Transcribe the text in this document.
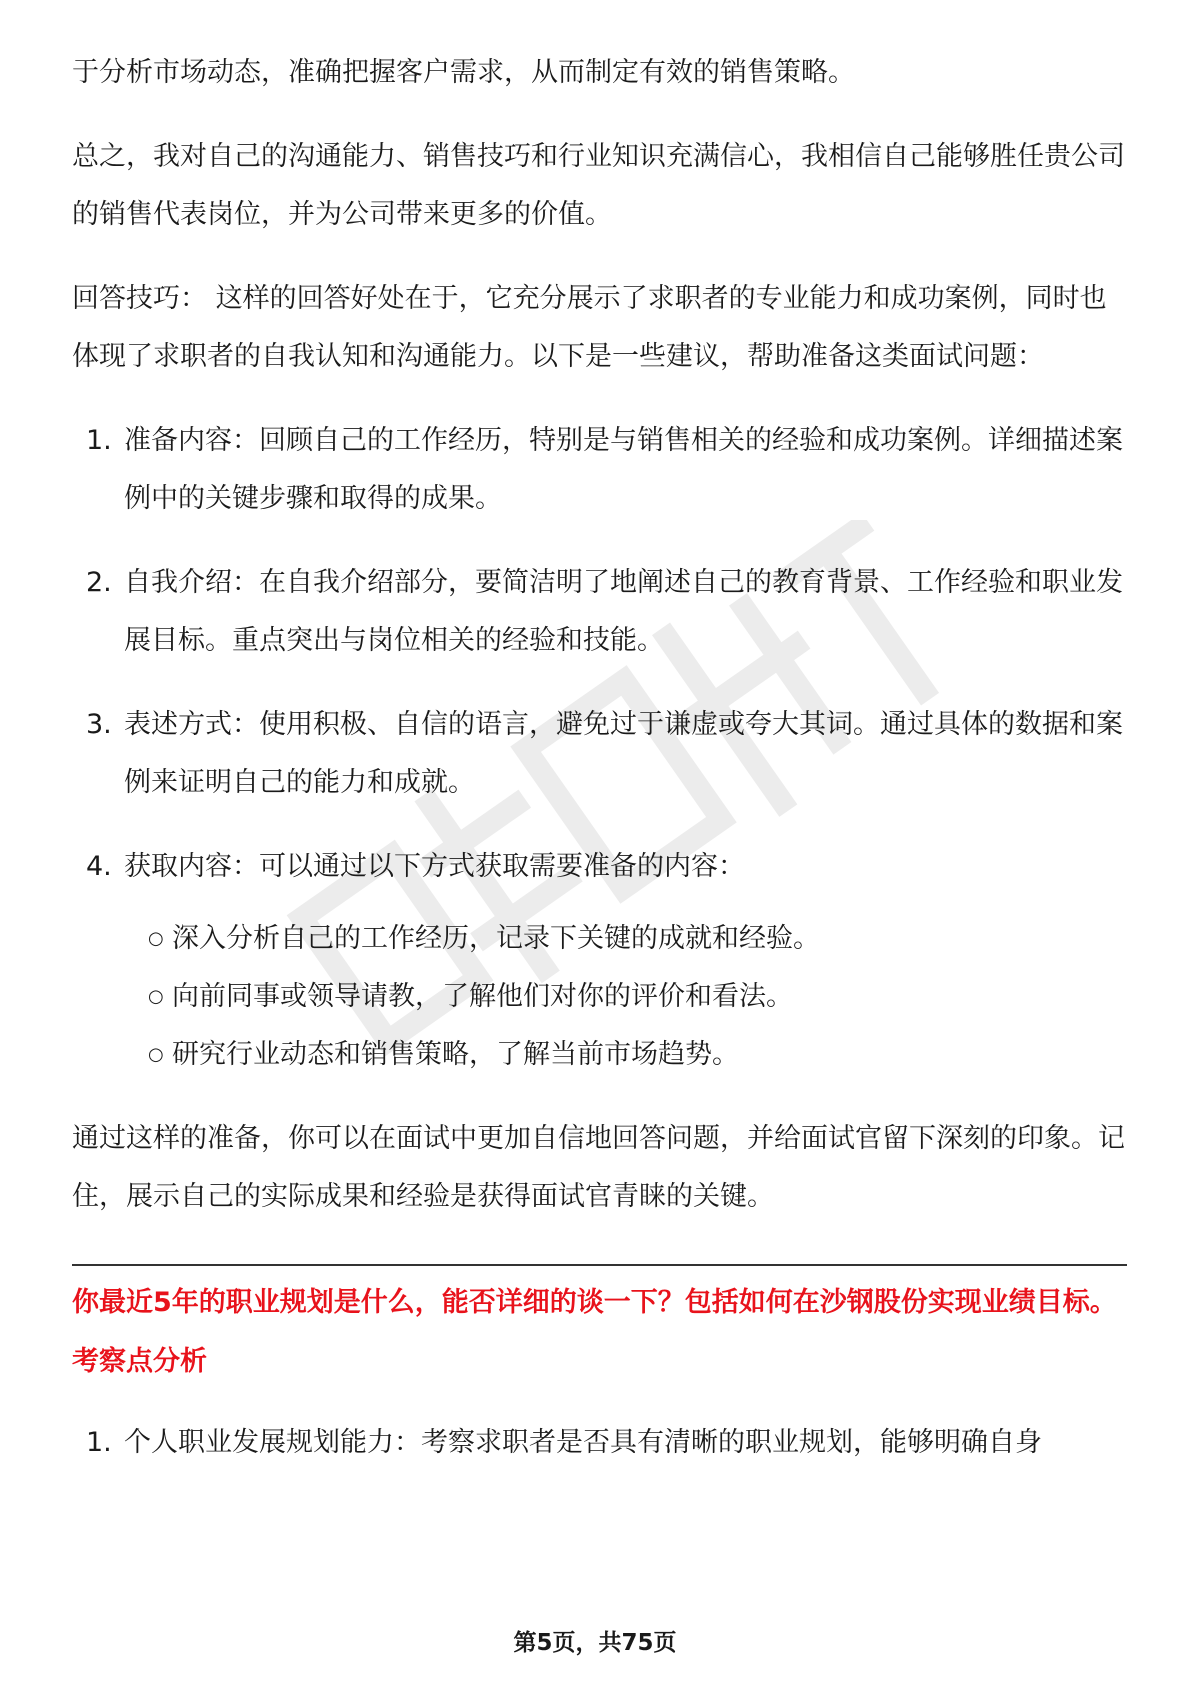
于分析市场动态，准确把握客户需求，从而制定有效的销售策略。

总之，我对自己的沟通能力、销售技巧和行业知识充满信心，我相信自己能够胜任贵公司的销售代表岗位，并为公司带来更多的价值。

回答技巧： 这样的回答好处在于，它充分展示了求职者的专业能力和成功案例，同时也体现了求职者的自我认知和沟通能力。以下是一些建议，帮助准备这类面试问题：

1. 准备内容：回顾自己的工作经历，特别是与销售相关的经验和成功案例。详细描述案例中的关键步骤和取得的成果。
2. 自我介绍：在自我介绍部分，要简洁明了地阐述自己的教育背景、工作经验和职业发展目标。重点突出与岗位相关的经验和技能。
3. 表述方式：使用积极、自信的语言，避免过于谦虚或夸大其词。通过具体的数据和案例来证明自己的能力和成就。
4. 获取内容：可以通过以下方式获取需要准备的内容：
○ 深入分析自己的工作经历，记录下关键的成就和经验。
○ 向前同事或领导请教，了解他们对你的评价和看法。
○ 研究行业动态和销售策略，了解当前市场趋势。

通过这样的准备，你可以在面试中更加自信地回答问题，并给面试官留下深刻的印象。记住，展示自己的实际成果和经验是获得面试官青睐的关键。

你最近5年的职业规划是什么，能否详细的谈一下？包括如何在沙钢股份实现业绩目标。

考察点分析

1. 个人职业发展规划能力：考察求职者是否具有清晰的职业规划，能够明确自身
第5页，共75页
